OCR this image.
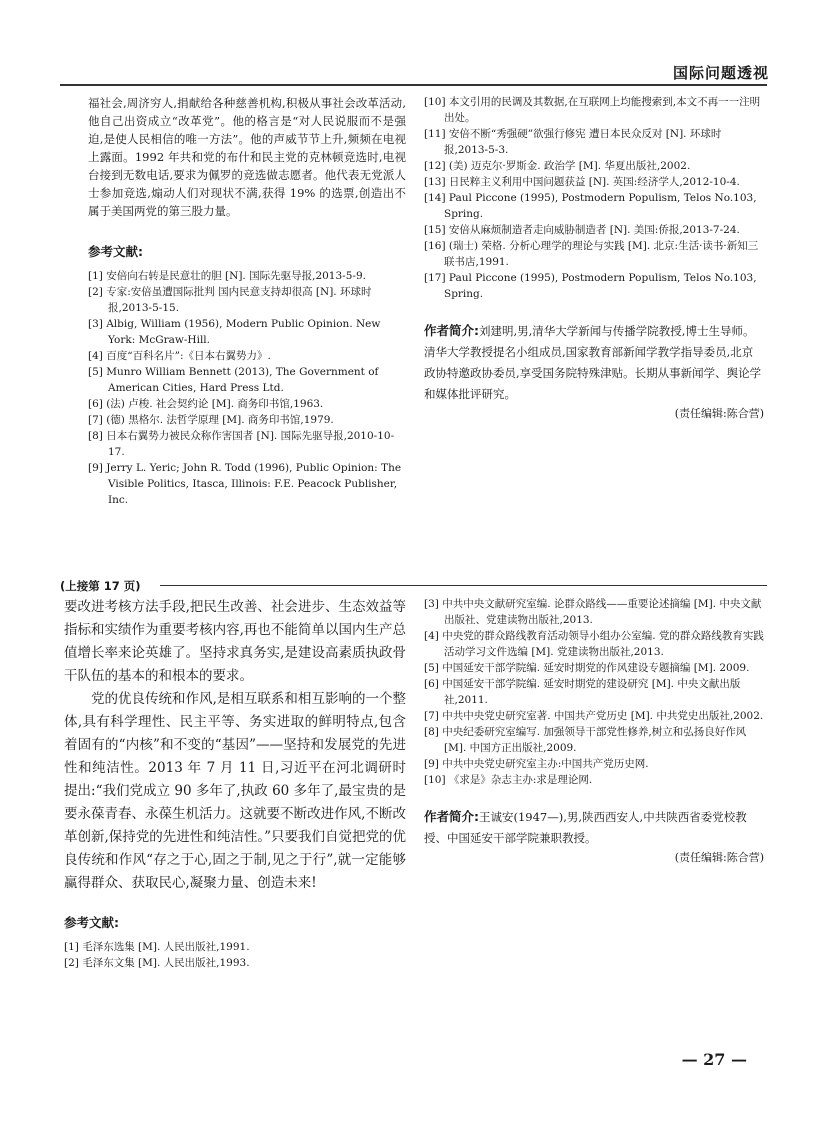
国际问题透视

福社会,周济穷人,捐献给各种慈善机构,积极从事社会改革活动,他自己出资成立“改革党”。他的格言是“对人民说服而不是强迫,是使人民相信的唯一方法”。他的声威节节上升,频频在电视上露面。1992 年共和党的布什和民主党的克林顿竞选时,电视台接到无数电话,要求为佩罗的竞选做志愿者。他代表无党派人士参加竞选,煽动人们对现状不满,获得 19% 的选票,创造出不属于美国两党的第三股力量。

参考文献:

[1] 安倍向右转是民意壮的胆 [N]. 国际先驱导报,2013-5-9.
[2] 专家:安倍虽遭国际批判 国内民意支持却很高 [N]. 环球时报,2013-5-15.
[3] Albig, William (1956), Modern Public Opinion. New York: McGraw-Hill.
[4] 百度“百科名片”:《日本右翼势力》.
[5] Munro William Bennett (2013), The Government of American Cities, Hard Press Ltd.
[6] (法) 卢梭. 社会契约论 [M]. 商务印书馆,1963.
[7] (德) 黑格尔. 法哲学原理 [M]. 商务印书馆,1979.
[8] 日本右翼势力被民众称作害国者 [N]. 国际先驱导报,2010-10-17.
[9] Jerry L. Yeric; John R. Todd (1996), Public Opinion: The Visible Politics, Itasca, Illinois: F.E. Peacock Publisher, Inc.
[10] 本文引用的民调及其数据,在互联网上均能搜索到,本文不再一一注明出处。
[11] 安倍不断“秀强硬”欲强行修宪 遭日本民众反对 [N]. 环球时报,2013-5-3.
[12] (美) 迈克尔·罗斯金. 政治学 [M]. 华夏出版社,2002.
[13] 日民粹主义利用中国问题获益 [N]. 英国:经济学人,2012-10-4.
[14] Paul Piccone (1995), Postmodern Populism, Telos No.103, Spring.
[15] 安倍从麻烦制造者走向威胁制造者 [N]. 美国:侨报,2013-7-24.
[16] (瑞士) 荣格. 分析心理学的理论与实践 [M]. 北京:生活·读书·新知三联书店,1991.
[17] Paul Piccone (1995), Postmodern Populism, Telos No.103, Spring.
作者简介:刘建明,男,清华大学新闻与传播学院教授,博士生导师。清华大学教授提名小组成员,国家教育部新闻学教学指导委员,北京政协特邀政协委员,享受国务院特殊津贴。长期从事新闻学、舆论学和媒体批评研究。
(责任编辑:陈合营)
(上接第 17 页)

要改进考核方法手段,把民生改善、社会进步、生态效益等指标和实绩作为重要考核内容,再也不能简单以国内生产总值增长率来论英雄了。坚持求真务实,是建设高素质执政骨干队伍的基本的和根本的要求。

党的优良传统和作风,是相互联系和相互影响的一个整体,具有科学理性、民主平等、务实进取的鲜明特点,包含着固有的“内核”和不变的“基因”——坚持和发展党的先进性和纯洁性。2013 年 7 月 11 日,习近平在河北调研时提出:“我们党成立 90 多年了,执政 60 多年了,最宝贵的是要永葆青春、永葆生机活力。这就要不断改进作风,不断改革创新,保持党的先进性和纯洁性。”只要我们自觉把党的优良传统和作风“存之于心,固之于制,见之于行”,就一定能够赢得群众、获取民心,凝聚力量、创造未来!

参考文献:

[1] 毛泽东选集 [M]. 人民出版社,1991.
[2] 毛泽东文集 [M]. 人民出版社,1993.
[3] 中共中央文献研究室编. 论群众路线——重要论述摘编 [M]. 中央文献出版社、党建读物出版社,2013.
[4] 中央党的群众路线教育活动领导小组办公室编. 党的群众路线教育实践活动学习文件选编 [M]. 党建读物出版社,2013.
[5] 中国延安干部学院编. 延安时期党的作风建设专题摘编 [M]. 2009.
[6] 中国延安干部学院编. 延安时期党的建设研究 [M]. 中央文献出版社,2011.
[7] 中共中央党史研究室著. 中国共产党历史 [M]. 中共党史出版社,2002.
[8] 中央纪委研究室编写. 加强领导干部党性修养,树立和弘扬良好作风 [M]. 中国方正出版社,2009.
[9] 中共中央党史研究室主办:中国共产党历史网.
[10] 《求是》杂志主办:求是理论网.
作者简介:王诚安(1947—),男,陕西西安人,中共陕西省委党校教授、中国延安干部学院兼职教授。
(责任编辑:陈合营)
— 27 —
